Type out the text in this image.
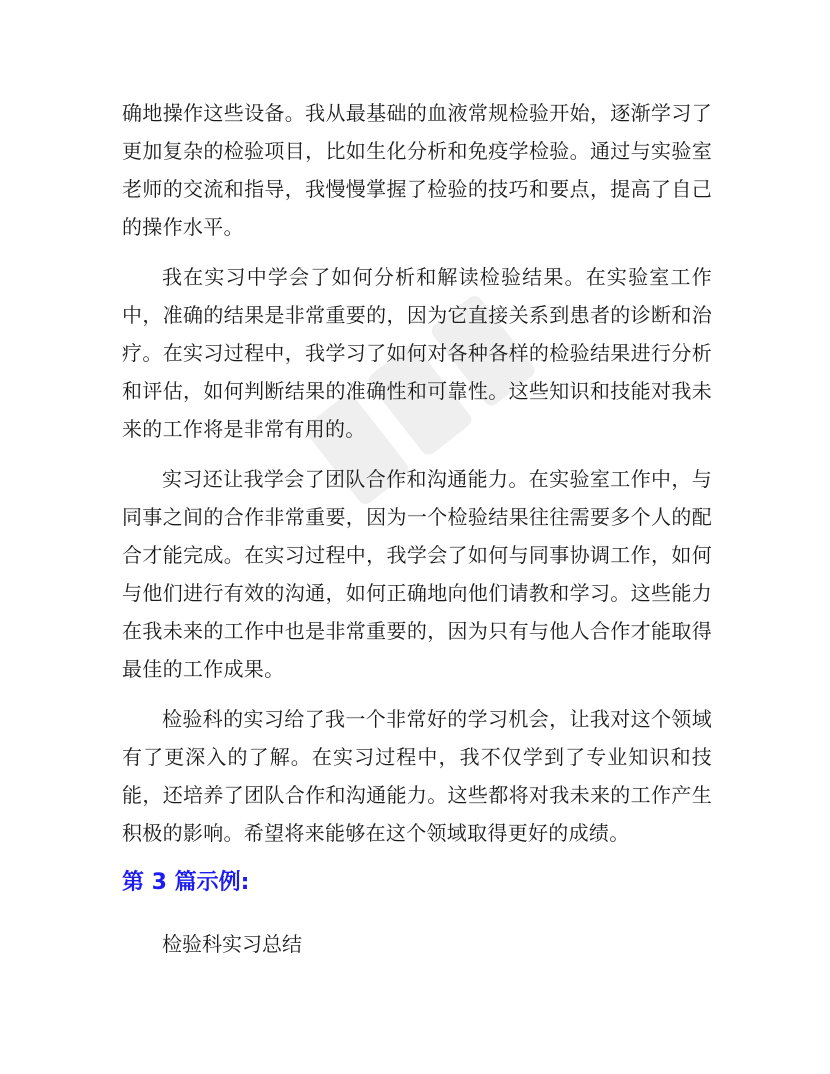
确地操作这些设备。我从最基础的血液常规检验开始，逐渐学习了更加复杂的检验项目，比如生化分析和免疫学检验。通过与实验室老师的交流和指导，我慢慢掌握了检验的技巧和要点，提高了自己的操作水平。

我在实习中学会了如何分析和解读检验结果。在实验室工作中，准确的结果是非常重要的，因为它直接关系到患者的诊断和治疗。在实习过程中，我学习了如何对各种各样的检验结果进行分析和评估，如何判断结果的准确性和可靠性。这些知识和技能对我未来的工作将是非常有用的。

实习还让我学会了团队合作和沟通能力。在实验室工作中，与同事之间的合作非常重要，因为一个检验结果往往需要多个人的配合才能完成。在实习过程中，我学会了如何与同事协调工作，如何与他们进行有效的沟通，如何正确地向他们请教和学习。这些能力在我未来的工作中也是非常重要的，因为只有与他人合作才能取得最佳的工作成果。

检验科的实习给了我一个非常好的学习机会，让我对这个领域有了更深入的了解。在实习过程中，我不仅学到了专业知识和技能，还培养了团队合作和沟通能力。这些都将对我未来的工作产生积极的影响。希望将来能够在这个领域取得更好的成绩。

第 3 篇示例:

检验科实习总结
